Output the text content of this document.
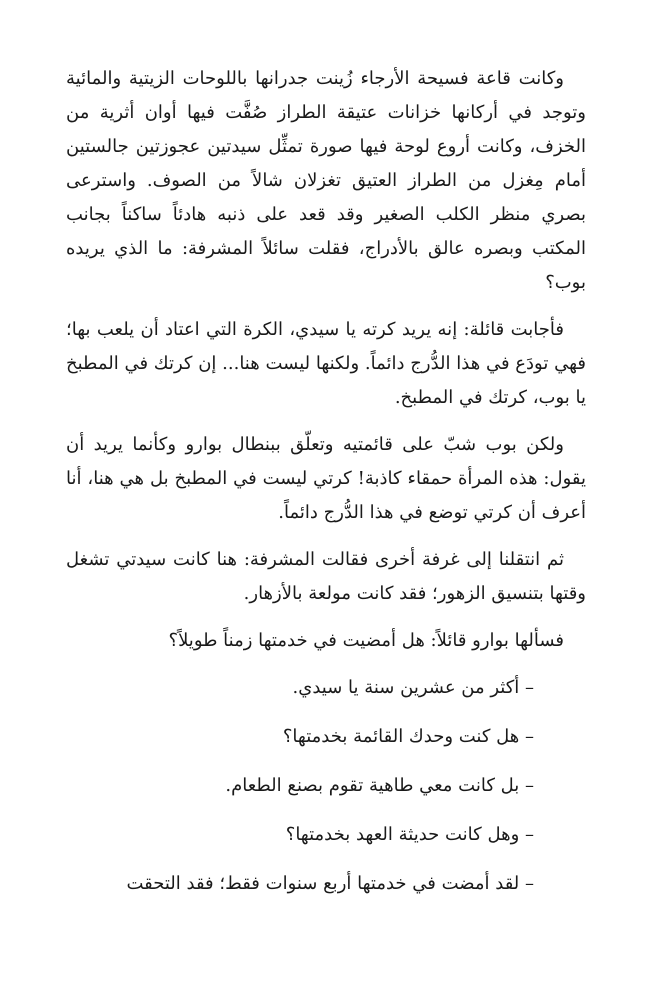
وكانت قاعة فسيحة الأرجاء زُينت جدرانها باللوحات الزيتية والمائية وتوجد في أركانها خزانات عتيقة الطراز صُفَّت فيها أوان أثرية من الخزف، وكانت أروع لوحة فيها صورة تمثِّل سيدتين عجوزتين جالستين أمام مِغزل من الطراز العتيق تغزلان شالاً من الصوف. واسترعى بصري منظر الكلب الصغير وقد قعد على ذنبه هادئاً ساكناً بجانب المكتب وبصره عالق بالأدراج، فقلت سائلاً المشرفة: ما الذي يريده بوب؟

فأجابت قائلة: إنه يريد كرته يا سيدي، الكرة التي اعتاد أن يلعب بها؛ فهي تودَع في هذا الدُّرج دائماً. ولكنها ليست هنا... إن كرتك في المطبخ يا بوب، كرتك في المطبخ.

ولكن بوب شبّ على قائمتيه وتعلّق ببنطال بوارو وكأنما يريد أن يقول: هذه المرأة حمقاء كاذبة! كرتي ليست في المطبخ بل هي هنا، أنا أعرف أن كرتي توضع في هذا الدُّرج دائماً.

ثم انتقلنا إلى غرفة أخرى فقالت المشرفة: هنا كانت سيدتي تشغل وقتها بتنسيق الزهور؛ فقد كانت مولعة بالأزهار.

فسألها بوارو قائلاً: هل أمضيت في خدمتها زمناً طويلاً؟

– أكثر من عشرين سنة يا سيدي.

– هل كنت وحدك القائمة بخدمتها؟

– بل كانت معي طاهية تقوم بصنع الطعام.

– وهل كانت حديثة العهد بخدمتها؟

– لقد أمضت في خدمتها أربع سنوات فقط؛ فقد التحقت
